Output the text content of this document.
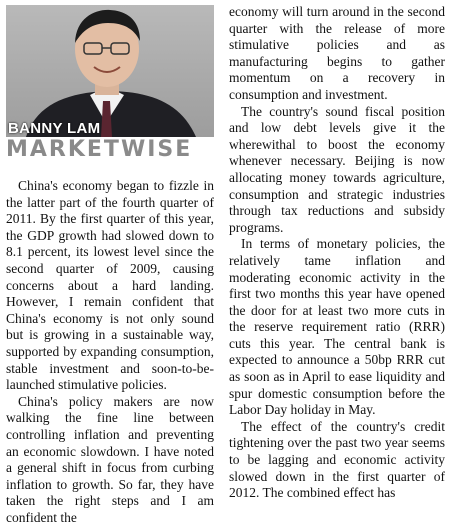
BANNY LAM
MARKETWISE

China's economy began to fizzle in the latter part of the fourth quarter of 2011. By the first quarter of this year, the GDP growth had slowed down to 8.1 percent, its lowest level since the second quarter of 2009, causing concerns about a hard landing. However, I remain confident that China's economy is not only sound but is growing in a sustainable way, supported by expanding consumption, stable investment and soon-to-be-launched stimulative policies.

China's policy makers are now walking the fine line between controlling inflation and preventing an economic slowdown. I have noted a general shift in focus from curbing inflation to growth. So far, they have taken the right steps and I am confident the

economy will turn around in the second quarter with the release of more stimulative policies and as manufacturing begins to gather momentum on a recovery in consumption and investment.

The country's sound fiscal position and low debt levels give it the wherewithal to boost the economy whenever necessary. Beijing is now allocating money towards agriculture, consumption and strategic industries through tax reductions and subsidy programs.

In terms of monetary policies, the relatively tame inflation and moderating economic activity in the first two months this year have opened the door for at least two more cuts in the reserve requirement ratio (RRR) cuts this year. The central bank is expected to announce a 50bp RRR cut as soon as in April to ease liquidity and spur domestic consumption before the Labor Day holiday in May.

The effect of the country's credit tightening over the past two year seems to be lagging and economic activity slowed down in the first quarter of 2012. The combined effect has
